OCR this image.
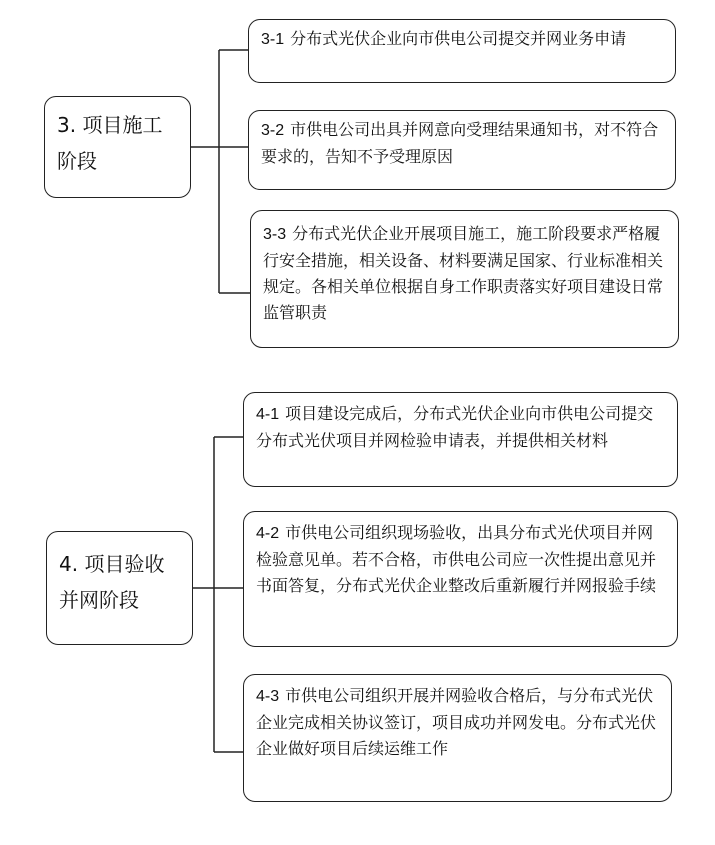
3. 项目施工阶段
3-1 分布式光伏企业向市供电公司提交并网业务申请
3-2 市供电公司出具并网意向受理结果通知书，对不符合要求的，告知不予受理原因
3-3 分布式光伏企业开展项目施工，施工阶段要求严格履行安全措施，相关设备、材料要满足国家、行业标准相关规定。各相关单位根据自身工作职责落实好项目建设日常监管职责
4. 项目验收并网阶段
4-1 项目建设完成后，分布式光伏企业向市供电公司提交分布式光伏项目并网检验申请表，并提供相关材料
4-2 市供电公司组织现场验收，出具分布式光伏项目并网检验意见单。若不合格，市供电公司应一次性提出意见并书面答复，分布式光伏企业整改后重新履行并网报验手续
4-3 市供电公司组织开展并网验收合格后，与分布式光伏企业完成相关协议签订，项目成功并网发电。分布式光伏企业做好项目后续运维工作
